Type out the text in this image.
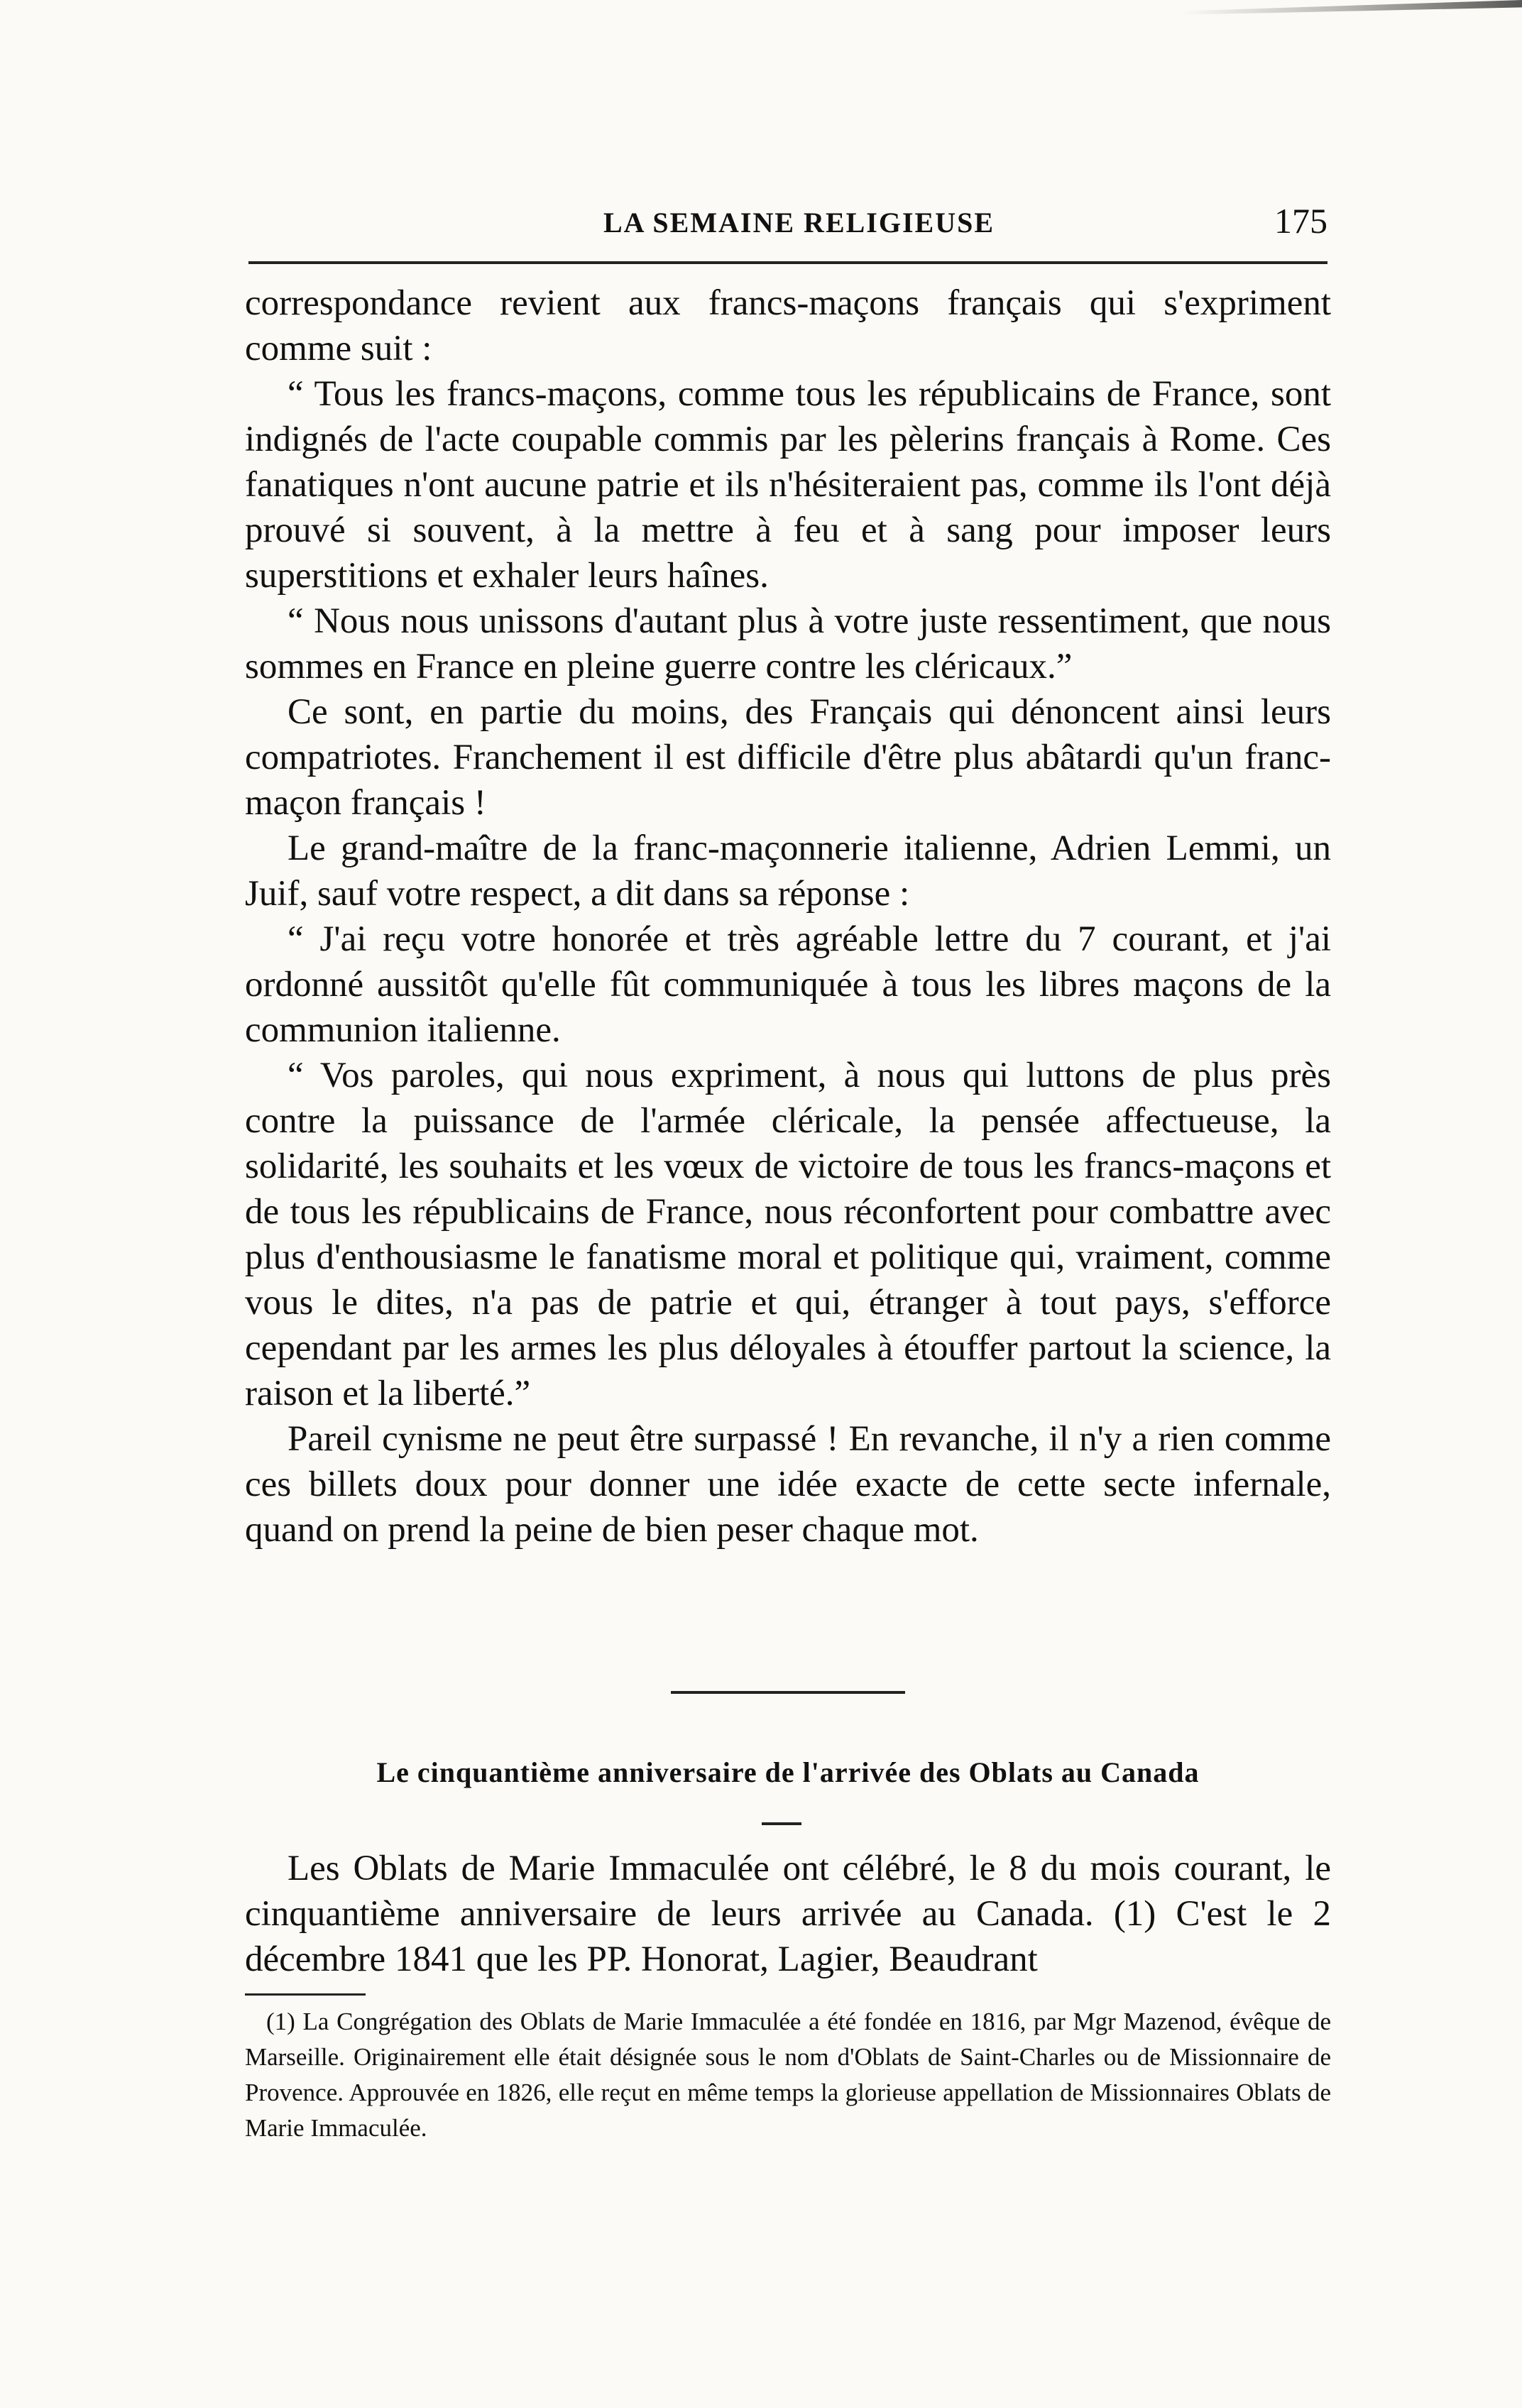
LA SEMAINE RELIGIEUSE	175

correspondance revient aux francs-maçons français qui s'expriment comme suit :

“ Tous les francs-maçons, comme tous les républicains de France, sont indignés de l'acte coupable commis par les pèlerins français à Rome. Ces fanatiques n'ont aucune patrie et ils n'hésiteraient pas, comme ils l'ont déjà prouvé si souvent, à la mettre à feu et à sang pour imposer leurs superstitions et exhaler leurs haînes.

“ Nous nous unissons d'autant plus à votre juste ressentiment, que nous sommes en France en pleine guerre contre les cléricaux.”

Ce sont, en partie du moins, des Français qui dénoncent ainsi leurs compatriotes. Franchement il est difficile d'être plus abâtardi qu'un franc-maçon français !

Le grand-maître de la franc-maçonnerie italienne, Adrien Lemmi, un Juif, sauf votre respect, a dit dans sa réponse :

“ J'ai reçu votre honorée et très agréable lettre du 7 courant, et j'ai ordonné aussitôt qu'elle fût communiquée à tous les libres maçons de la communion italienne.

“ Vos paroles, qui nous expriment, à nous qui luttons de plus près contre la puissance de l'armée cléricale, la pensée affectueuse, la solidarité, les souhaits et les vœux de victoire de tous les francs-maçons et de tous les républicains de France, nous réconfortent pour combattre avec plus d'enthousiasme le fanatisme moral et politique qui, vraiment, comme vous le dites, n'a pas de patrie et qui, étranger à tout pays, s'efforce cependant par les armes les plus déloyales à étouffer partout la science, la raison et la liberté.”

Pareil cynisme ne peut être surpassé ! En revanche, il n'y a rien comme ces billets doux pour donner une idée exacte de cette secte infernale, quand on prend la peine de bien peser chaque mot.

Le cinquantième anniversaire de l'arrivée des Oblats au Canada

Les Oblats de Marie Immaculée ont célébré, le 8 du mois courant, le cinquantième anniversaire de leurs arrivée au Canada. (1) C'est le 2 décembre 1841 que les PP. Honorat, Lagier, Beaudrant

(1) La Congrégation des Oblats de Marie Immaculée a été fondée en 1816, par Mgr Mazenod, évêque de Marseille. Originairement elle était désignée sous le nom d'Oblats de Saint-Charles ou de Missionnaire de Provence. Approuvée en 1826, elle reçut en même temps la glorieuse appellation de Missionnaires Oblats de Marie Immaculée.
